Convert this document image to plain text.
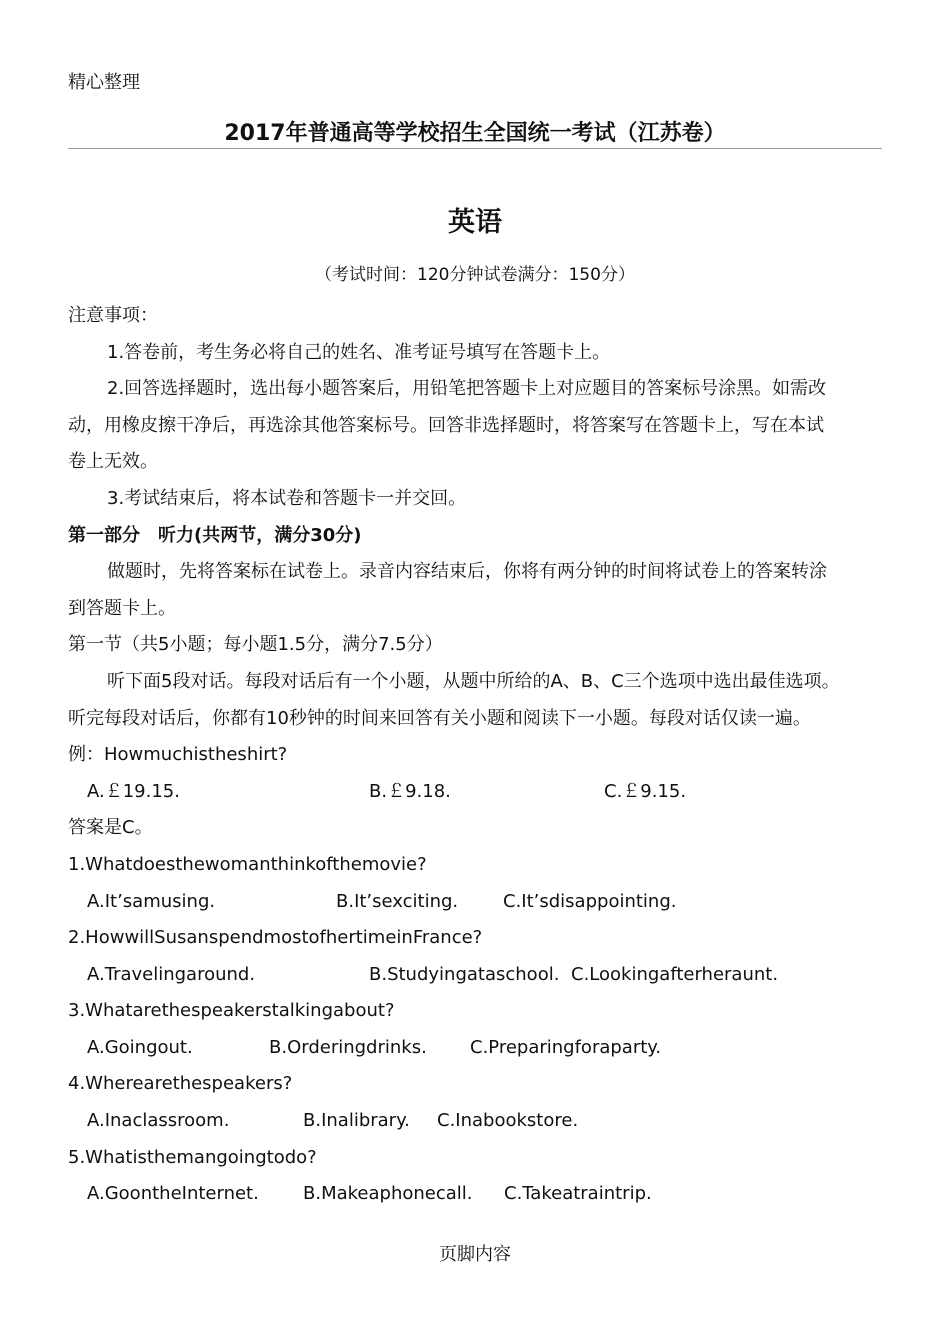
精心整理
2017年普通高等学校招生全国统一考试（江苏卷）
英语
（考试时间：120分钟试卷满分：150分）
注意事项：
1.答卷前，考生务必将自己的姓名、准考证号填写在答题卡上。
2.回答选择题时，选出每小题答案后，用铅笔把答题卡上对应题目的答案标号涂黑。如需改
动，用橡皮擦干净后，再选涂其他答案标号。回答非选择题时，将答案写在答题卡上，写在本试
卷上无效。
3.考试结束后，将本试卷和答题卡一并交回。
第一部分　听力(共两节，满分30分)
做题时，先将答案标在试卷上。录音内容结束后，你将有两分钟的时间将试卷上的答案转涂
到答题卡上。
第一节（共5小题；每小题1.5分，满分7.5分）
听下面5段对话。每段对话后有一个小题，从题中所给的A、B、C三个选项中选出最佳选项。
听完每段对话后，你都有10秒钟的时间来回答有关小题和阅读下一小题。每段对话仅读一遍。
例：Howmuchistheshirt?
A.￡19.15.	B.￡9.18.	C.￡9.15.
答案是C。
1.Whatdoesthewomanthinkofthemovie?
A.It’samusing.	B.It’sexciting. C.It’sdisappointing.
2.HowwillSusanspendmostofhertimeinFrance?
A.Travelingaround.	B.Studyingataschool. C.Lookingafterheraunt.
3.Whatarethespeakerstalkingabout?
A.Goingout.	B.Orderingdrinks. C.Preparingforaparty.
4.Wherearethespeakers?
A.Inaclassroom.	B.Inalibrary. C.Inabookstore.
5.Whatisthemangoingtodo?
A.GoontheInternet. B.Makeaphonecall. C.Takeatraintrip.
页脚内容
